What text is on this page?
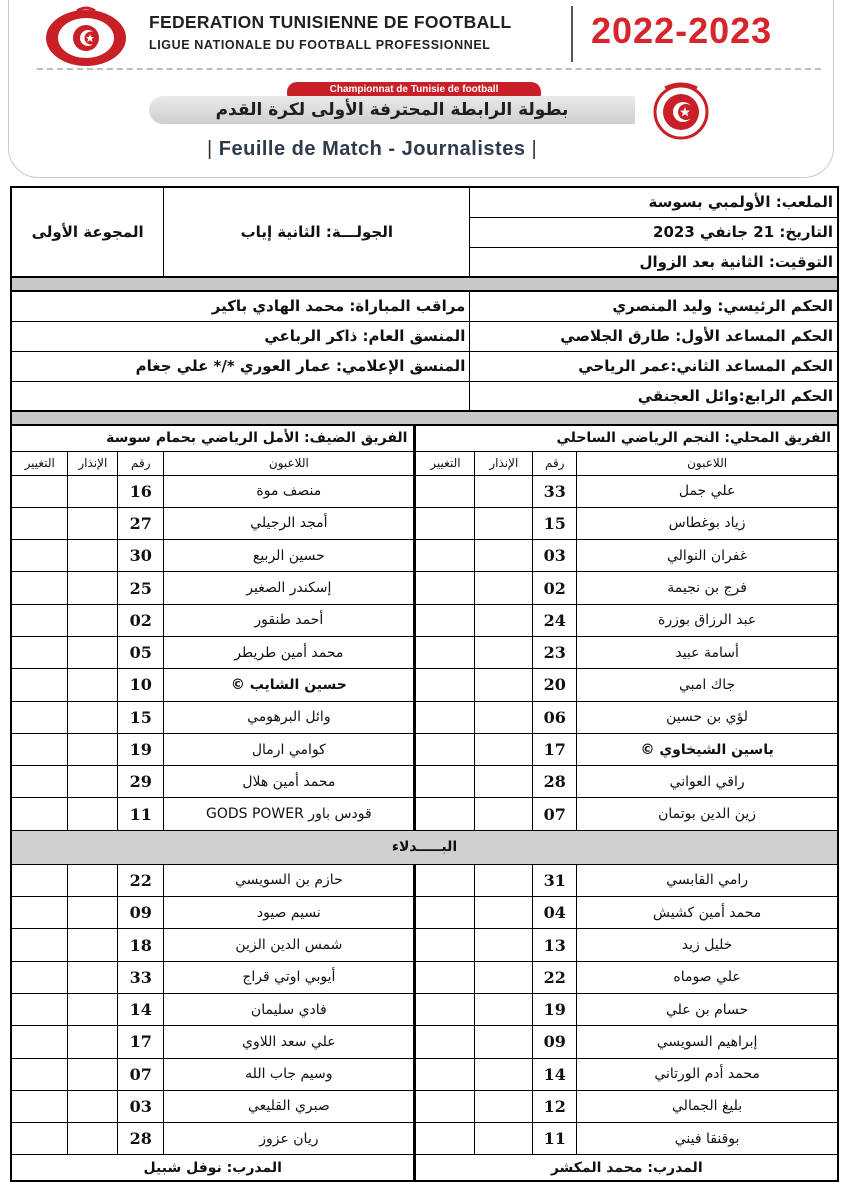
FEDERATION TUNISIENNE DE FOOTBALL
LIGUE NATIONALE DU FOOTBALL PROFESSIONNEL	2022-2023
Championnat de Tunisie de football
بطولة الرابطة المحترفة الأولى لكرة القدم
| Feuille de Match - Journalistes |
المجوعة الأولى	الجولـــة: الثانية إياب	الملعب: الأولمبي بسوسة
التاريخ: 21 جانفي 2023
التوقيت: الثانية بعد الزوال
مراقب المباراة: محمد الهادي باكير	الحكم الرئيسي: وليد المنصري
المنسق العام: ذاكر الرباعي	الحكم المساعد الأول: طارق الجلاصي
المنسق الإعلامي: عمار العوري */* علي جغام	الحكم المساعد الثاني:عمر الرياحي
	الحكم الرابع:وائل العجنقي
الفريق الضيف: الأمل الرياضي بحمام سوسة				الفريق المحلي: النجم الرياضي الساحلي			
التغيير	الإنذار	رقم	اللاعبون	التغيير	الإنذار	رقم	اللاعبون
		16	منصف موة			33	علي جمل
		27	أمجد الرجيلي			15	زياد بوغطاس
		30	حسين الربيع			03	غفران النوالي
		25	إسكندر الصغير			02	فرج بن نجيمة
		02	أحمد طنقور			24	عبد الرزاق بوزرة
		05	محمد أمين طريطر			23	أسامة عبيد
		10	حسين الشايب ©			20	جاك امبي
		15	وائل البرهومي			06	لؤي بن حسين
		19	كوامي ارمال			17	ياسين الشيخاوي ©
		29	محمد أمين هلال			28	راقي العواني
		11	قودس باور GODS POWER			07	زين الدين بوتمان
البـــــدلاء							
		22	حازم بن السويسي			31	رامي القابسي
		09	نسيم صيود			04	محمد أمين كشيش
		18	شمس الدين الزين			13	خليل زيد
		33	أيوبي اوتي قراج			22	علي صوماه
		14	فادي سليمان			19	حسام بن علي
		17	علي سعد اللاوي			09	إبراهيم السويسي
		07	وسيم جاب الله			14	محمد أدم الورتاني
		03	صبري القليعي			12	بليغ الجمالي
		28	ريان عزوز			11	بوقنقا فيني
المدرب: نوفل شبيل				المدرب: محمد المكشر			
